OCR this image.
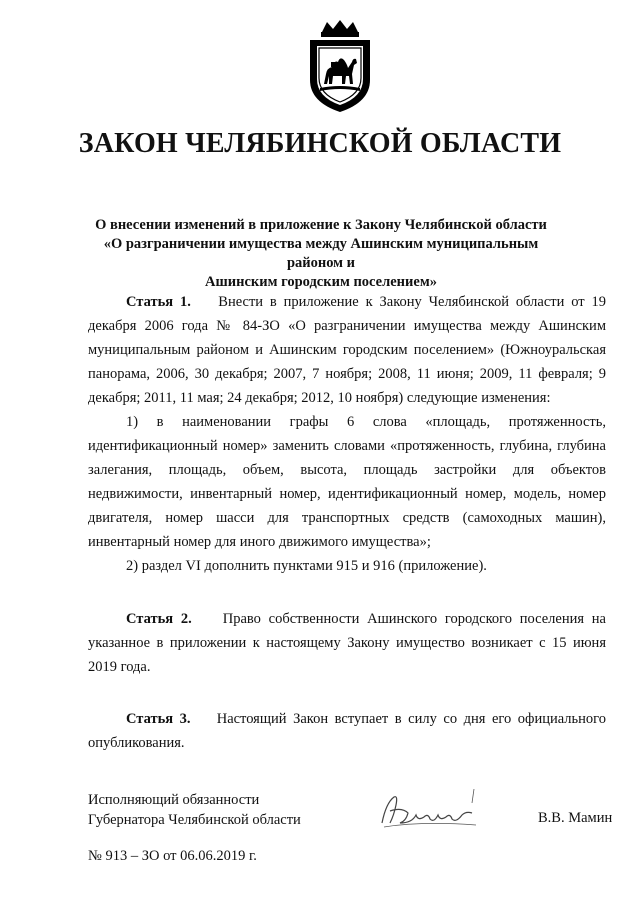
ЗАКОН ЧЕЛЯБИНСКОЙ ОБЛАСТИ
О внесении изменений в приложение к Закону Челябинской области
«О разграничении имущества между Ашинским муниципальным районом и
Ашинским городским поселением»

Статья 1. Внести в приложение к Закону Челябинской области от 19 декабря 2006 года № 84-ЗО «О разграничении имущества между Ашинским муниципальным районом и Ашинским городским поселением» (Южноуральская панорама, 2006, 30 декабря; 2007, 7 ноября; 2008, 11 июня; 2009, 11 февраля; 9 декабря; 2011, 11 мая; 24 декабря; 2012, 10 ноября) следующие изменения:

1) в наименовании графы 6 слова «площадь, протяженность, идентификационный номер» заменить словами «протяженность, глубина, глубина залегания, площадь, объем, высота, площадь застройки для объектов недвижимости, инвентарный номер, идентификационный номер, модель, номер двигателя, номер шасси для транспортных средств (самоходных машин), инвентарный номер для иного движимого имущества»;

2) раздел VI дополнить пунктами 915 и 916 (приложение).

Статья 2. Право собственности Ашинского городского поселения на указанное в приложении к настоящему Закону имущество возникает с 15 июня 2019 года.

Статья 3. Настоящий Закон вступает в силу со дня его официального опубликования.

Исполняющий обязанности
Губернатора Челябинской области	В.В. Мамин
№ 913 – ЗО от 06.06.2019 г.
